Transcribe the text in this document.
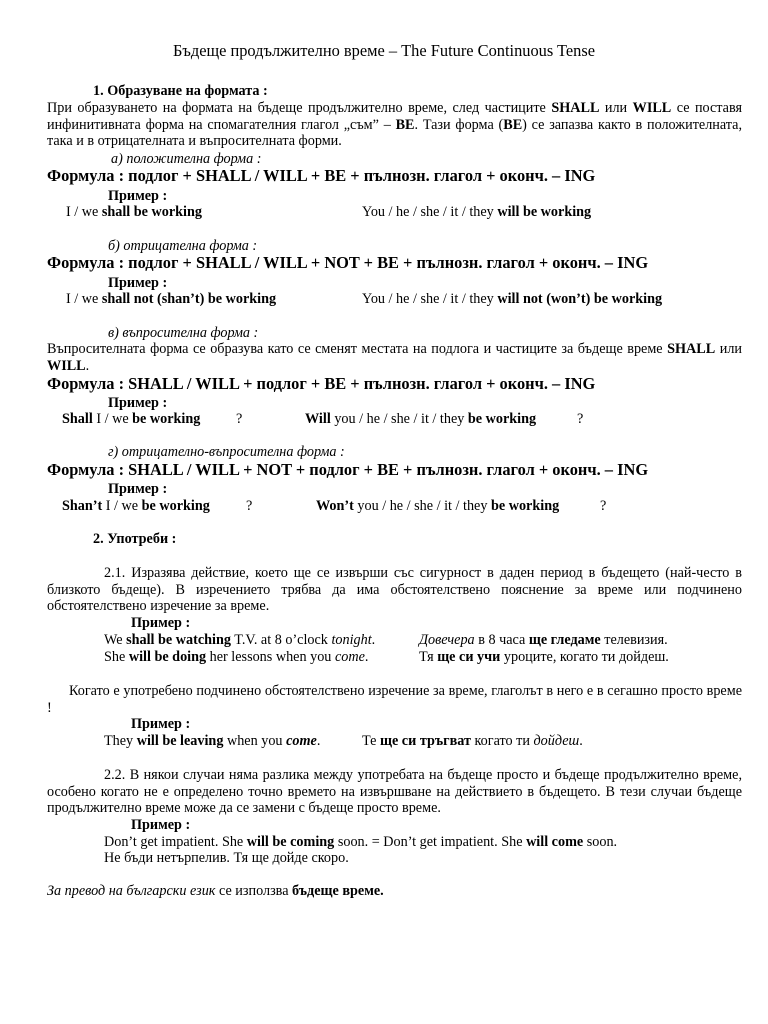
Бъдеще продължително време – The Future Continuous Tense
1. Образуване на формата :
При образуването на формата на бъдеще продължително време, след частиците SHALL или WILL се поставя инфинитивната форма на спомагателния глагол „съм” – BE. Тази форма (BE) се запазва както в положителната, така и в отрицателната и въпросителната форми.
а) положителна форма :
Формула : подлог + SHALL / WILL + BE + пълнозн. глагол + оконч. – ING
Пример :
I / we shall be working	You / he / she / it / they will be working
б) отрицателна форма :
Формула : подлог + SHALL / WILL + NOT + BE + пълнозн. глагол + оконч. – ING
Пример :
I / we shall not (shan’t) be working	You / he / she / it / they will not (won’t) be working
в) въпросителна форма :
Въпросителната форма се образува като се сменят местата на подлога и частиците за бъдеще време SHALL или WILL.
Формула : SHALL / WILL + подлог + BE + пълнозн. глагол + оконч. – ING
Пример :
Shall I / we be working	?	Will you / he / she / it / they be working	?
г) отрицателно-въпросителна форма :
Формула : SHALL / WILL + NOT + подлог + BE + пълнозн. глагол + оконч. – ING
Пример :
Shan’t I / we be working	?	Won’t you / he / she / it / they be working	?
2. Употреби :
2.1. Изразява действие, което ще се извърши със сигурност в даден период в бъдещето (най-често в близкото бъдеще). В изречението трябва да има обстоятелствено пояснение за време или подчинено обстоятелствено изречение за време.
Пример :
We shall be watching T.V. at 8 o’clock tonight.	Довечера в 8 часа ще гледаме телевизия.
She will be doing her lessons when you come.	Тя ще си учи уроците, когато ти дойдеш.
Когато е употребено подчинено обстоятелствено изречение за време, глаголът в него е в сегашно просто време !
Пример :
They will be leaving when you come.	Те ще си тръгват когато ти дойдеш.
2.2. В някои случаи няма разлика между употребата на бъдеще просто и бъдеще продължително време, особено когато не е определено точно времето на извършване на действието в бъдещето. В тези случаи бъдеще продължително време може да се замени с бъдеще просто време.
Пример :
Don’t get impatient. She will be coming soon. = Don’t get impatient. She will come soon.
Не бъди нетърпелив. Тя ще дойде скоро.
За превод на български език се използва бъдеще време.
